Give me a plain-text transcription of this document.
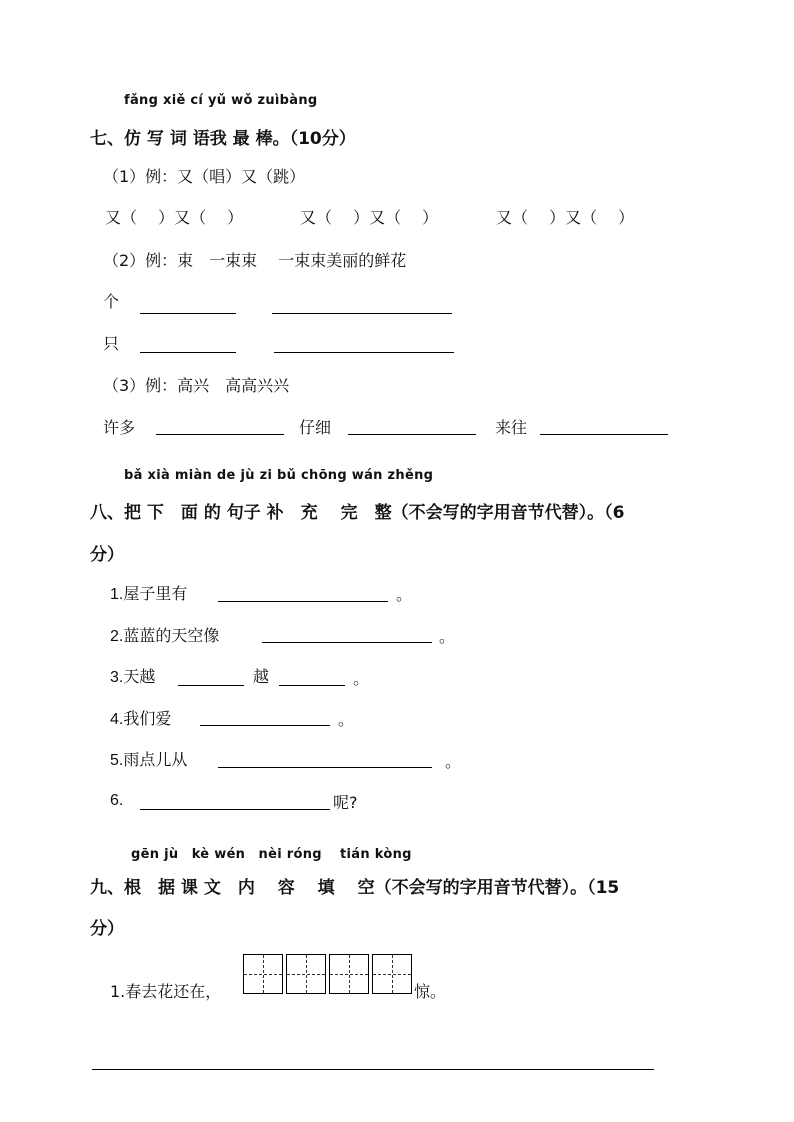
fǎng xiě cí yǔ wǒ zuìbàng
七、仿 写 词 语我 最 棒。（10分）
（1）例：又（唱）又（跳）
又（　 ）又（　 ）	又（　 ）又（　 ）	又（　 ）又（　 ）
（2）例：束　一束束　 一束束美丽的鲜花
个
只
（3）例：高兴　高高兴兴
许多	仔细	来往
bǎ xià miàn de jù zi bǔ chōng wán zhěng
八、把 下　面 的 句子 补　充　 完　整（不会写的字用音节代替）。（6
分）
1.屋子里有	。
2.蓝蓝的天空像	。
3.天越	越	。
4.我们爱	。
5.雨点儿从	。
6.	呢?
gēn jù　kè wén　nèi róng　 tián kòng
九、根　据 课 文　内　 容　 填　 空（不会写的字用音节代替）。（15
分）
1.春去花还在，	惊。
